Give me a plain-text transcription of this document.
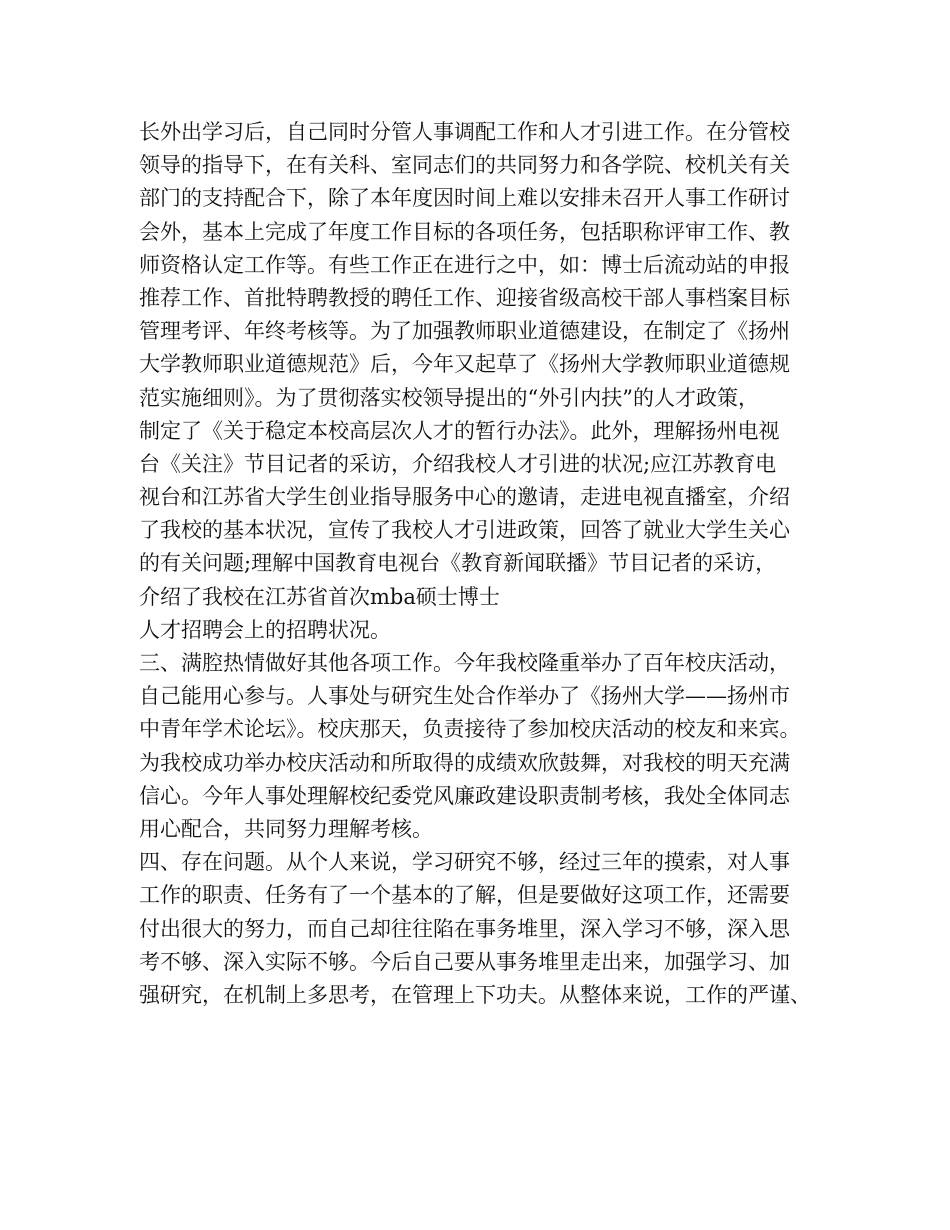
长外出学习后，自己同时分管人事调配工作和人才引进工作。在分管校
领导的指导下，在有关科、室同志们的共同努力和各学院、校机关有关
部门的支持配合下，除了本年度因时间上难以安排未召开人事工作研讨
会外，基本上完成了年度工作目标的各项任务，包括职称评审工作、教
师资格认定工作等。有些工作正在进行之中，如：博士后流动站的申报
推荐工作、首批特聘教授的聘任工作、迎接省级高校干部人事档案目标
管理考评、年终考核等。为了加强教师职业道德建设，在制定了《扬州
大学教师职业道德规范》后，今年又起草了《扬州大学教师职业道德规
范实施细则》。为了贯彻落实校领导提出的“外引内扶”的人才政策，
制定了《关于稳定本校高层次人才的暂行办法》。此外，理解扬州电视
台《关注》节目记者的采访，介绍我校人才引进的状况;应江苏教育电
视台和江苏省大学生创业指导服务中心的邀请，走进电视直播室，介绍
了我校的基本状况，宣传了我校人才引进政策，回答了就业大学生关心
的有关问题;理解中国教育电视台《教育新闻联播》节目记者的采访，
介绍了我校在江苏省首次mba硕士博士
人才招聘会上的招聘状况。
三、满腔热情做好其他各项工作。今年我校隆重举办了百年校庆活动，
自己能用心参与。人事处与研究生处合作举办了《扬州大学——扬州市
中青年学术论坛》。校庆那天，负责接待了参加校庆活动的校友和来宾。
为我校成功举办校庆活动和所取得的成绩欢欣鼓舞，对我校的明天充满
信心。今年人事处理解校纪委党风廉政建设职责制考核，我处全体同志
用心配合，共同努力理解考核。
四、存在问题。从个人来说，学习研究不够，经过三年的摸索，对人事
工作的职责、任务有了一个基本的了解，但是要做好这项工作，还需要
付出很大的努力，而自己却往往陷在事务堆里，深入学习不够，深入思
考不够、深入实际不够。今后自己要从事务堆里走出来，加强学习、加
强研究，在机制上多思考，在管理上下功夫。从整体来说，工作的严谨、
